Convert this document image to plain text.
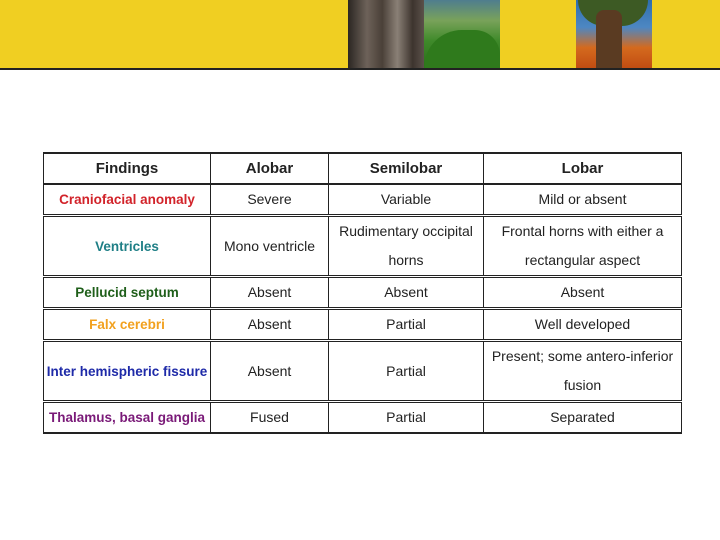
Findings	Alobar	Semilobar	Lobar
Craniofacial anomaly	Severe	Variable	Mild or absent
Ventricles	Mono ventricle	Rudimentary occipital horns	Frontal horns with either a rectangular aspect
Pellucid septum	Absent	Absent	Absent
Falx cerebri	Absent	Partial	Well developed
Inter hemispheric fissure	Absent	Partial	Present; some antero-inferior fusion
Thalamus, basal ganglia	Fused	Partial	Separated
